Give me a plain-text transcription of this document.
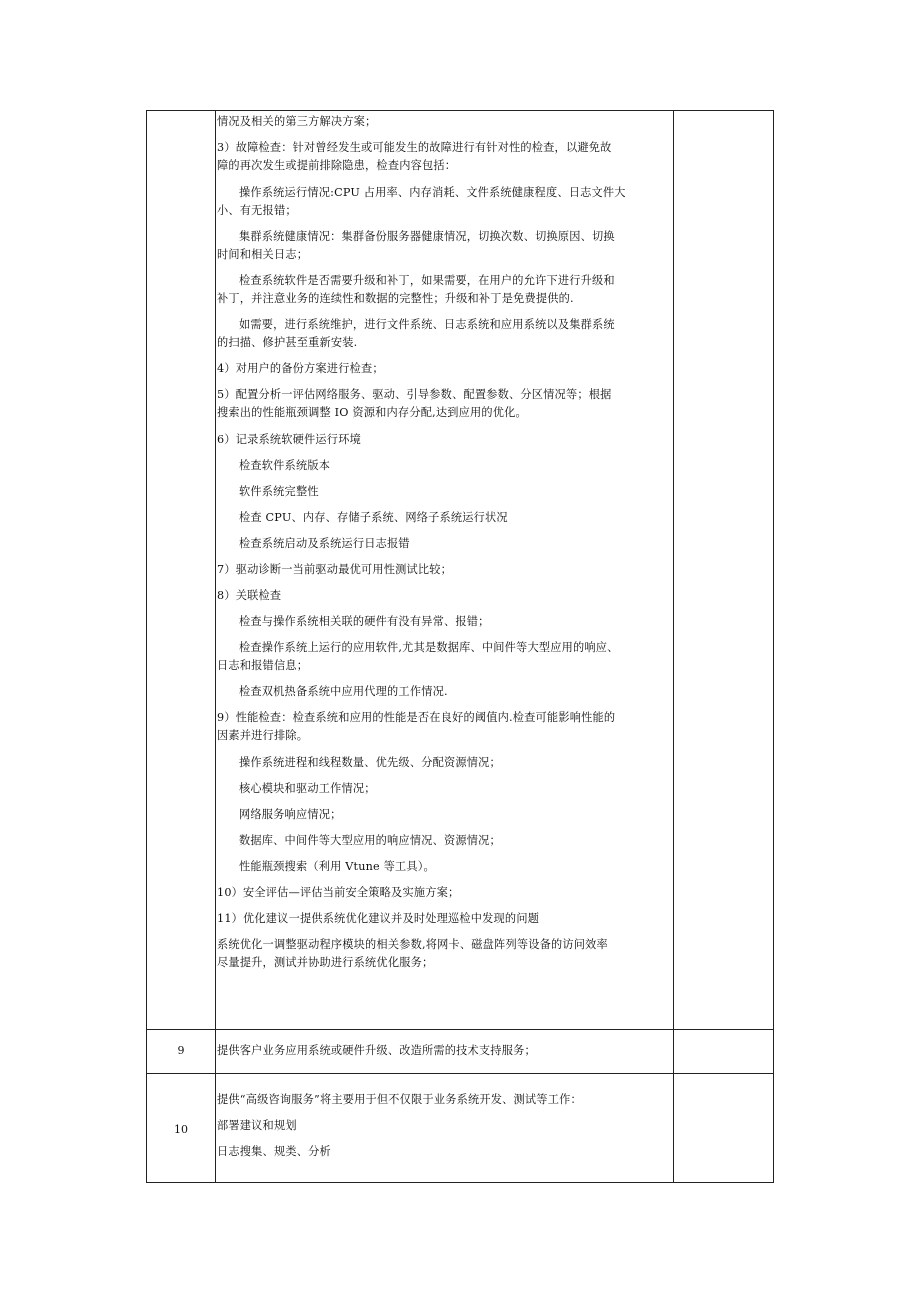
情况及相关的第三方解决方案；
3）故障检查：针对曾经发生或可能发生的故障进行有针对性的检查，以避免故
障的再次发生或提前排除隐患，检查内容包括：
操作系统运行情况:CPU 占用率、内存消耗、文件系统健康程度、日志文件大
小、有无报错；
集群系统健康情况：集群备份服务器健康情况，切换次数、切换原因、切换
时间和相关日志；
检查系统软件是否需要升级和补丁，如果需要，在用户的允许下进行升级和
补丁，并注意业务的连续性和数据的完整性；升级和补丁是免费提供的.
如需要，进行系统维护，进行文件系统、日志系统和应用系统以及集群系统
的扫描、修护甚至重新安装.
4）对用户的备份方案进行检查；
5）配置分析一评估网络服务、驱动、引导参数、配置参数、分区情况等；根据
搜索出的性能瓶颈调整 IO 资源和内存分配,达到应用的优化。
6）记录系统软硬件运行环境
检查软件系统版本
软件系统完整性
检查 CPU、内存、存储子系统、网络子系统运行状况
检查系统启动及系统运行日志报错
7）驱动诊断一当前驱动最优可用性测试比较；
8）关联检查
检查与操作系统相关联的硬件有没有异常、报错；
检查操作系统上运行的应用软件,尤其是数据库、中间件等大型应用的响应、
日志和报错信息；
检查双机热备系统中应用代理的工作情况.
9）性能检查：检查系统和应用的性能是否在良好的阈值内.检查可能影响性能的
因素并进行排除。
操作系统进程和线程数量、优先级、分配资源情况；
核心模块和驱动工作情况；
网络服务响应情况；
数据库、中间件等大型应用的响应情况、资源情况；
性能瓶颈搜索（利用 Vtune 等工具）。
10）安全评估—评估当前安全策略及实施方案；
11）优化建议一提供系统优化建议并及时处理巡检中发现的问题
系统优化一调整驱动程序模块的相关参数,将网卡、磁盘阵列等设备的访问效率
尽量提升，测试并协助进行系统优化服务；
9	提供客户业务应用系统或硬件升级、改造所需的技术支持服务；
10
提供“高级咨询服务”将主要用于但不仅限于业务系统开发、测试等工作：
部署建议和规划
日志搜集、规类、分析
